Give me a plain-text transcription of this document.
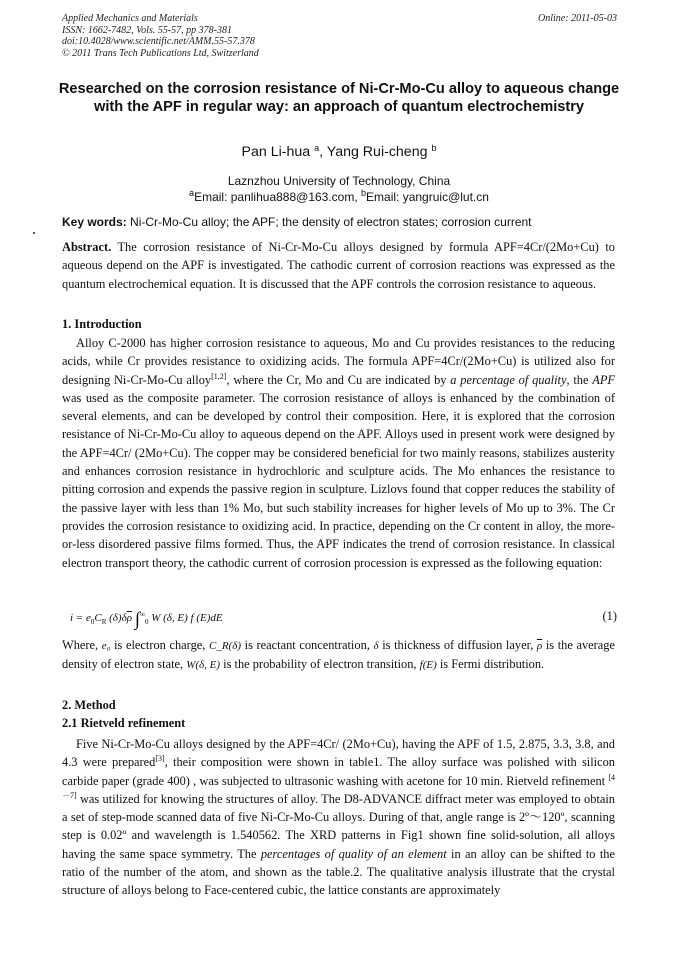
Applied Mechanics and Materials	Online: 2011-05-03
ISSN: 1662-7482, Vols. 55-57, pp 378-381
doi:10.4028/www.scientific.net/AMM.55-57.378
© 2011 Trans Tech Publications Ltd, Switzerland
Researched on the corrosion resistance of Ni-Cr-Mo-Cu alloy to aqueous change with the APF in regular way: an approach of quantum electrochemistry
Pan Li-hua $^a$, Yang Rui-cheng $^b$
Laznzhou University of Technology, China
$^a$Email: panlihua888@163.com, $^b$Email: yangruic@lut.cn
Key words: Ni-Cr-Mo-Cu alloy; the APF; the density of electron states; corrosion current
Abstract. The corrosion resistance of Ni-Cr-Mo-Cu alloys designed by formula APF=4Cr/(2Mo+Cu) to aqueous depend on the APF is investigated. The cathodic current of corrosion reactions was expressed as the quantum electrochemical equation. It is discussed that the APF controls the corrosion resistance to aqueous.
1. Introduction
Alloy C-2000 has higher corrosion resistance to aqueous, Mo and Cu provides resistances to the reducing acids, while Cr provides resistance to oxidizing acids. The formula APF=4Cr/(2Mo+Cu) is utilized also for designing Ni-Cr-Mo-Cu alloy[1,2], where the Cr, Mo and Cu are indicated by a percentage of quality, the APF was used as the composite parameter. The corrosion resistance of alloys is enhanced by the combination of several elements, and can be developed by control their composition. Here, it is explored that the corrosion resistance of Ni-Cr-Mo-Cu alloy to aqueous depend on the APF. Alloys used in present work were designed by the APF=4Cr/ (2Mo+Cu). The copper may be considered beneficial for two mainly reasons, stabilizes austerity and enhances corrosion resistance in hydrochloric and sculpture acids. The Mo enhances the resistance to pitting corrosion and expends the passive region in sculpture. Lizlovs found that copper reduces the stability of the passive layer with less than 1% Mo, but such stability increases for higher levels of Mo up to 3%. The Cr provides the corrosion resistance to oxidizing acid. In practice, depending on the Cr content in alloy, the more-or-less disordered passive films formed. Thus, the APF indicates the trend of corrosion resistance. In classical electron transport theory, the cathodic current of corrosion procession is expressed as the following equation:
$i = e_0C_R$ $(\delta)\delta\overline{\rho}$ $\int^\infty_0$ W (δ, E) f (E)dE	(1)
Where, e₀ is electron charge, C_R(δ) is reactant concentration, δ is thickness of diffusion layer, $\overline{\rho}$ is the average density of electron state, W(δ, E) is the probability of electron transition, f(E) is Fermi distribution.
2. Method
2.1 Rietveld refinement
Five Ni-Cr-Mo-Cu alloys designed by the APF=4Cr/ (2Mo+Cu), having the APF of 1.5, 2.875, 3.3, 3.8, and 4.3 were prepared[3], their composition were shown in table1. The alloy surface was polished with silicon carbide paper (grade 400) , was subjected to ultrasonic washing with acetone for 10 min. Rietveld refinement [4－7] was utilized for knowing the structures of alloy. The D8-ADVANCE diffract meter was employed to obtain a set of step-mode scanned data of five Ni-Cr-Mo-Cu alloys. During of that, angle range is 2º～120º, scanning step is 0.02º and wavelength is 1.540562. The XRD patterns in Fig1 shown fine solid-solution, all alloys having the same space symmetry. The percentages of quality of an element in an alloy can be shifted to the ratio of the number of the atom, and shown as the table.2. The qualitative analysis illustrate that the crystal structure of alloys belong to Face-centered cubic, the lattice constants are approximately
